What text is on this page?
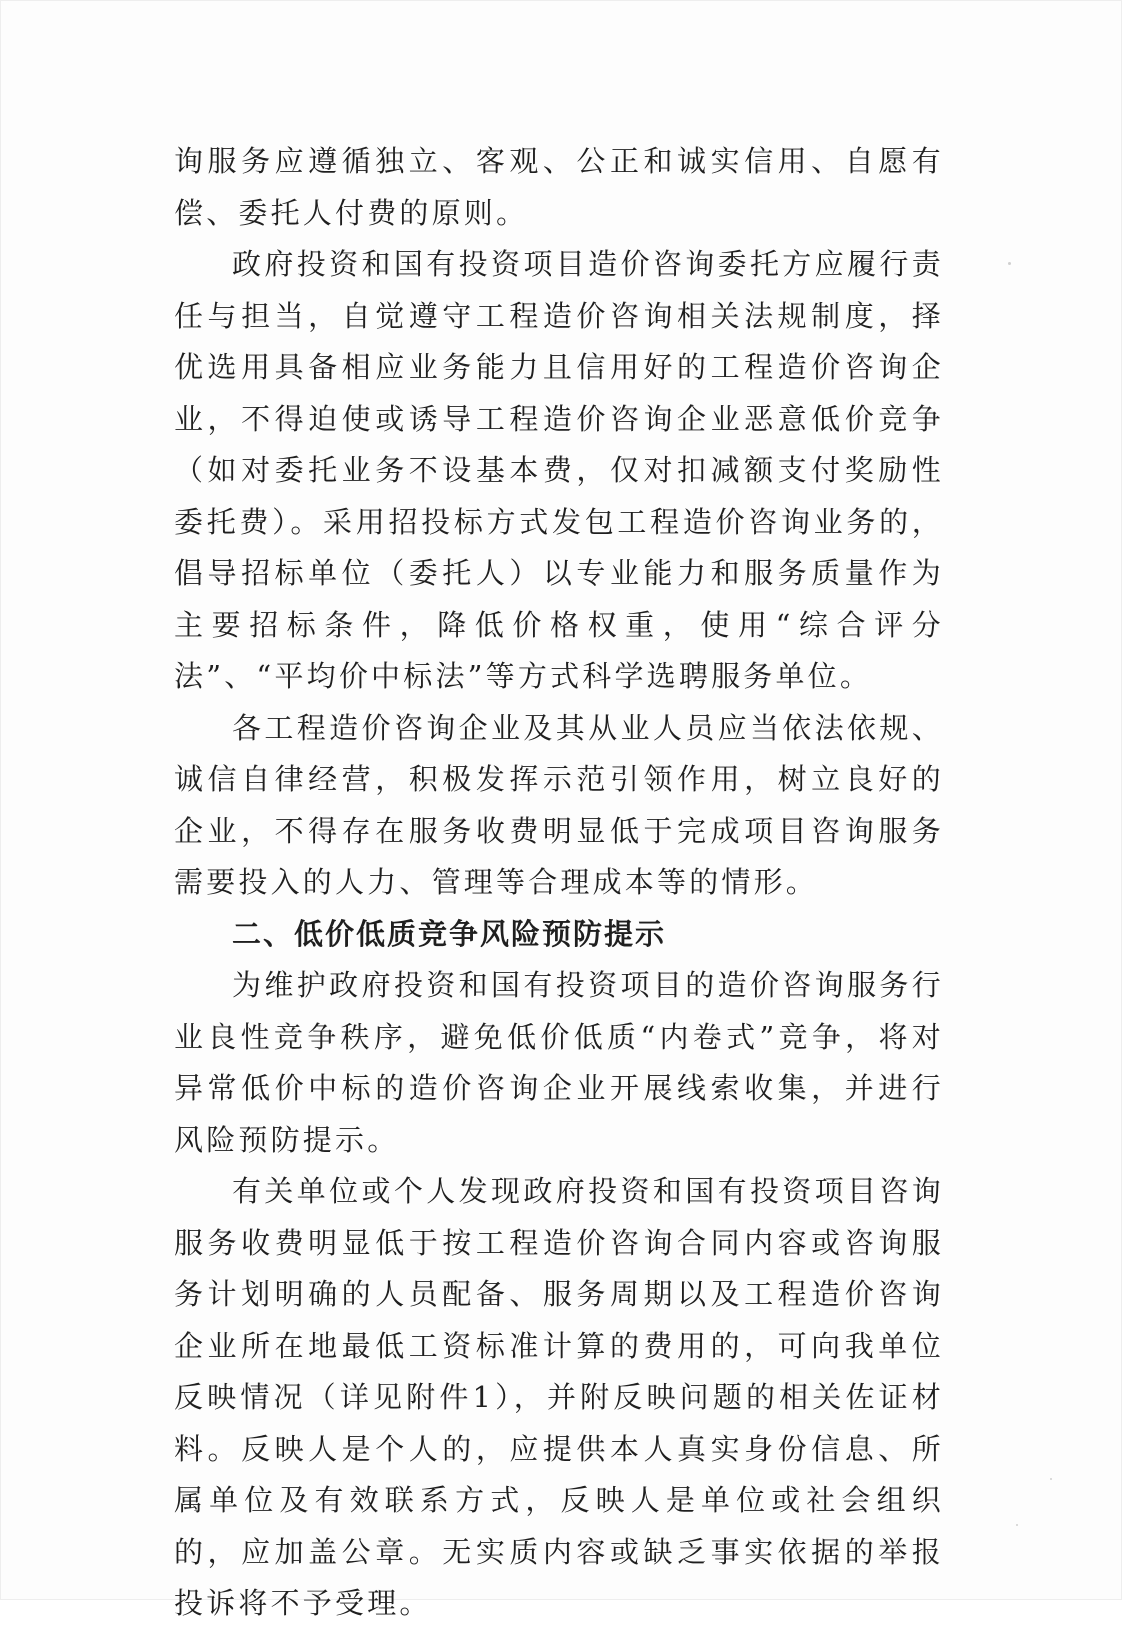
询服务应遵循独立、客观、公正和诚实信用、自愿有偿、委托人付费的原则。

政府投资和国有投资项目造价咨询委托方应履行责任与担当，自觉遵守工程造价咨询相关法规制度，择优选用具备相应业务能力且信用好的工程造价咨询企业，不得迫使或诱导工程造价咨询企业恶意低价竞争（如对委托业务不设基本费，仅对扣减额支付奖励性委托费）。采用招投标方式发包工程造价咨询业务的，倡导招标单位（委托人）以专业能力和服务质量作为主要招标条件，降低价格权重，使用“综合评分法”、“平均价中标法”等方式科学选聘服务单位。

各工程造价咨询企业及其从业人员应当依法依规、诚信自律经营，积极发挥示范引领作用，树立良好的企业，不得存在服务收费明显低于完成项目咨询服务需要投入的人力、管理等合理成本等的情形。

二、低价低质竞争风险预防提示

为维护政府投资和国有投资项目的造价咨询服务行业良性竞争秩序，避免低价低质“内卷式”竞争，将对异常低价中标的造价咨询企业开展线索收集，并进行风险预防提示。

有关单位或个人发现政府投资和国有投资项目咨询服务收费明显低于按工程造价咨询合同内容或咨询服务计划明确的人员配备、服务周期以及工程造价咨询企业所在地最低工资标准计算的费用的，可向我单位反映情况（详见附件1），并附反映问题的相关佐证材料。反映人是个人的，应提供本人真实身份信息、所属单位及有效联系方式，反映人是单位或社会组织的，应加盖公章。无实质内容或缺乏事实依据的举报投诉将不予受理。
